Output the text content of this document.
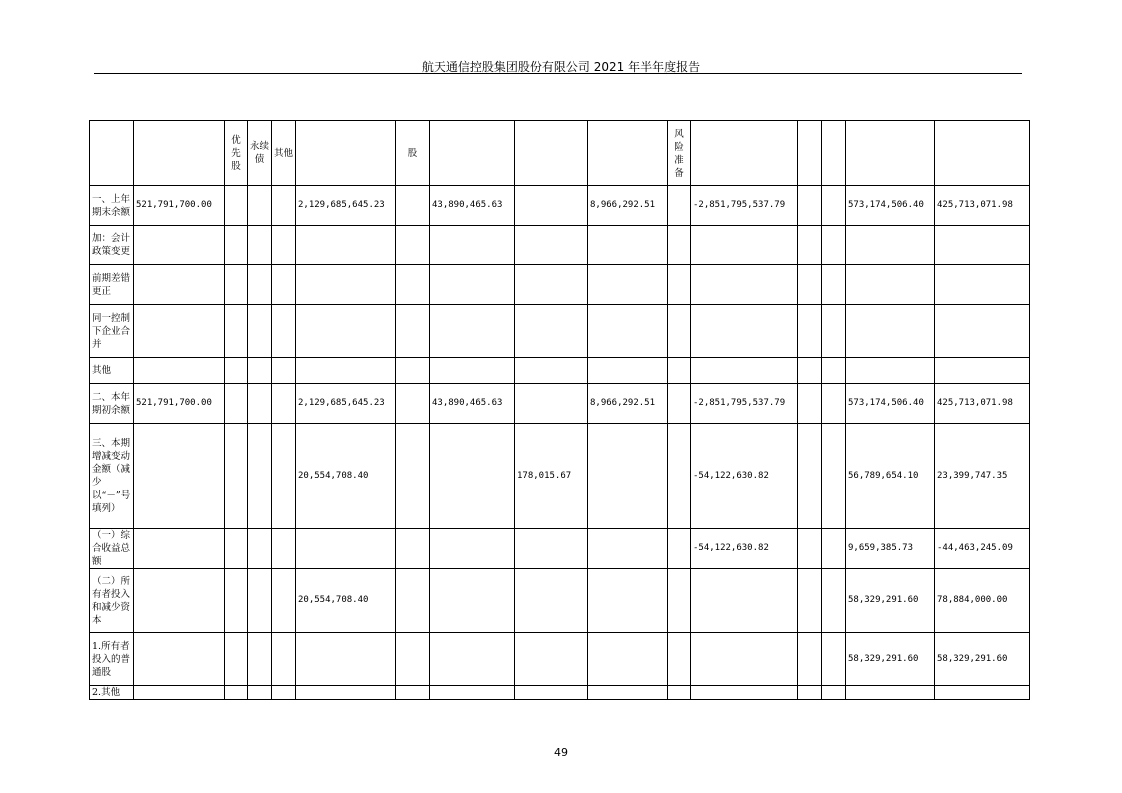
航天通信控股集团股份有限公司 2021 年半年度报告
		优先股	永续债	其他		股				风险准备					
一、上年期末余额	521,791,700.00				2,129,685,645.23		43,890,465.63		8,966,292.51		-2,851,795,537.79			573,174,506.40	425,713,071.98
加：会计政策变更															
前期差错更正															
同一控制下企业合并															
其他															
二、本年期初余额	521,791,700.00				2,129,685,645.23		43,890,465.63		8,966,292.51		-2,851,795,537.79			573,174,506.40	425,713,071.98
三、本期增减变动金额（减少以“－”号填列）					20,554,708.40			178,015.67			-54,122,630.82			56,789,654.10	23,399,747.35
（一）综合收益总额											-54,122,630.82			9,659,385.73	-44,463,245.09
（二）所有者投入和减少资本					20,554,708.40									58,329,291.60	78,884,000.00
1.所有者投入的普通股														58,329,291.60	58,329,291.60
2.其他															
49
